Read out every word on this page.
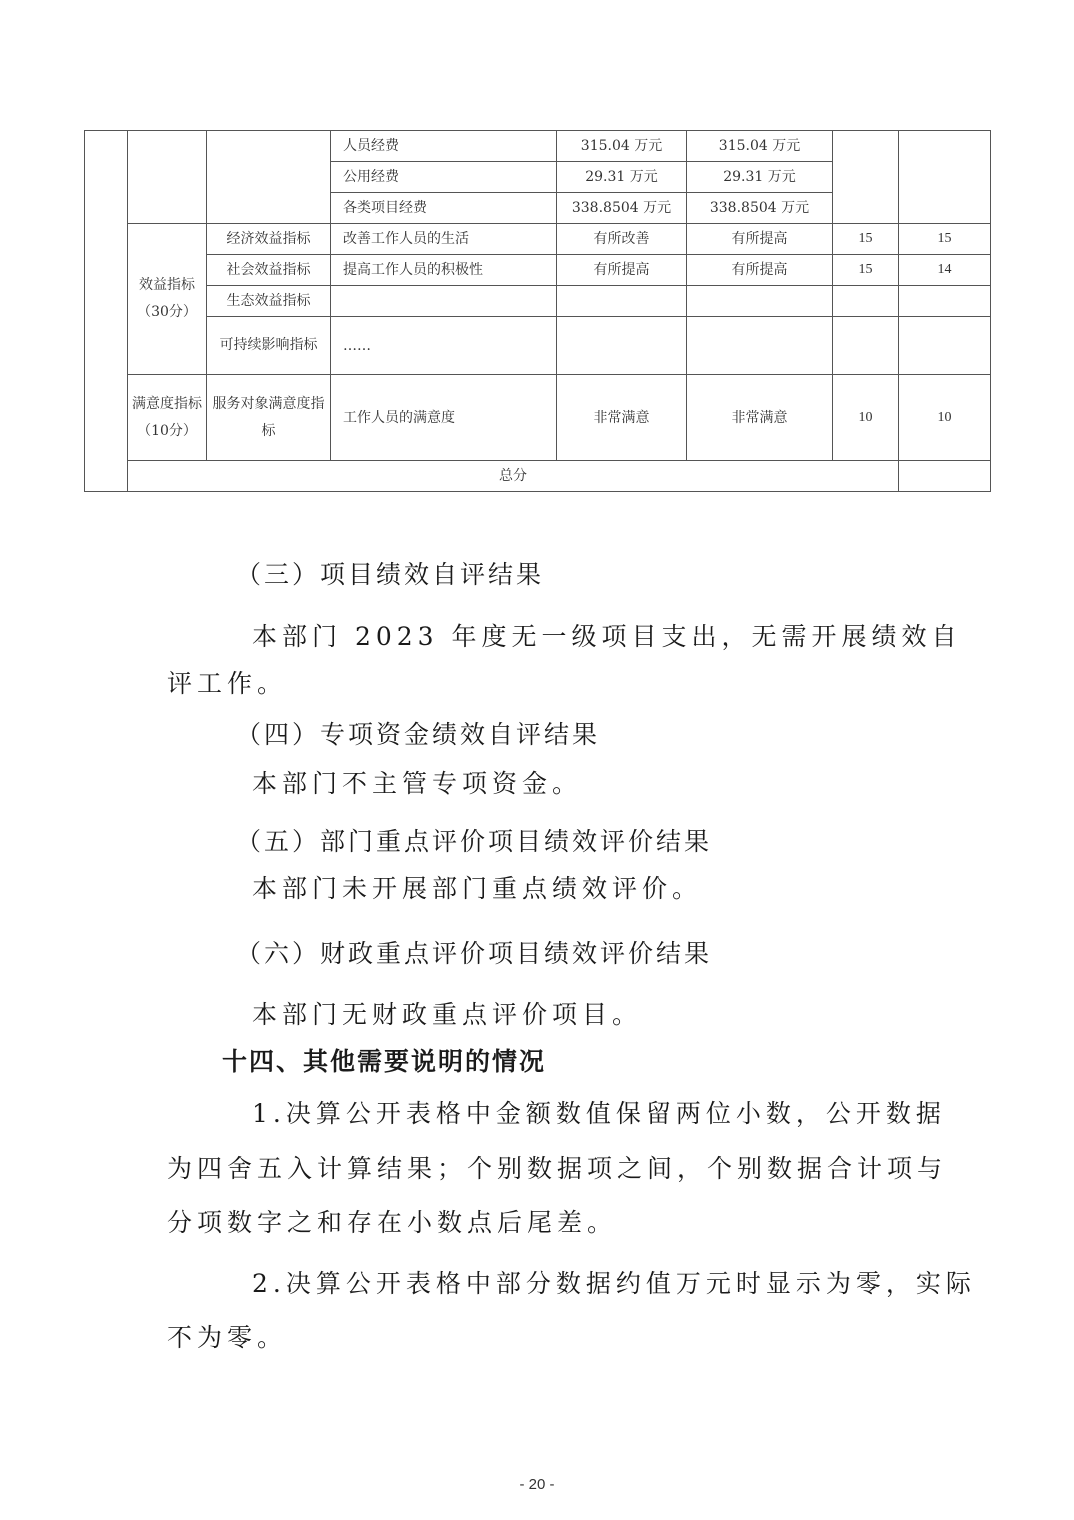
			人员经费	315.04 万元	315.04 万元			
			公用经费	29.31 万元	29.31 万元			
			各类项目经费	338.8504 万元	338.8504 万元			
	效益指标（30分）	经济效益指标	改善工作人员的生活	有所改善	有所提高	15	15	
		社会效益指标	提高工作人员的积极性	有所提高	有所提高	15	14	
		生态效益指标						
		可持续影响指标	……					
	满意度指标（10分）	服务对象满意度指标	工作人员的满意度	非常满意	非常满意	10	10	
	总分		
（三）项目绩效自评结果
本部门 2023 年度无一级项目支出，无需开展绩效自
评工作。
（四）专项资金绩效自评结果
本部门不主管专项资金。
（五）部门重点评价项目绩效评价结果
本部门未开展部门重点绩效评价。
（六）财政重点评价项目绩效评价结果
本部门无财政重点评价项目。
十四、其他需要说明的情况
1.决算公开表格中金额数值保留两位小数，公开数据
为四舍五入计算结果；个别数据项之间，个别数据合计项与
分项数字之和存在小数点后尾差。
2.决算公开表格中部分数据约值万元时显示为零，实际
不为零。
- 20 -
